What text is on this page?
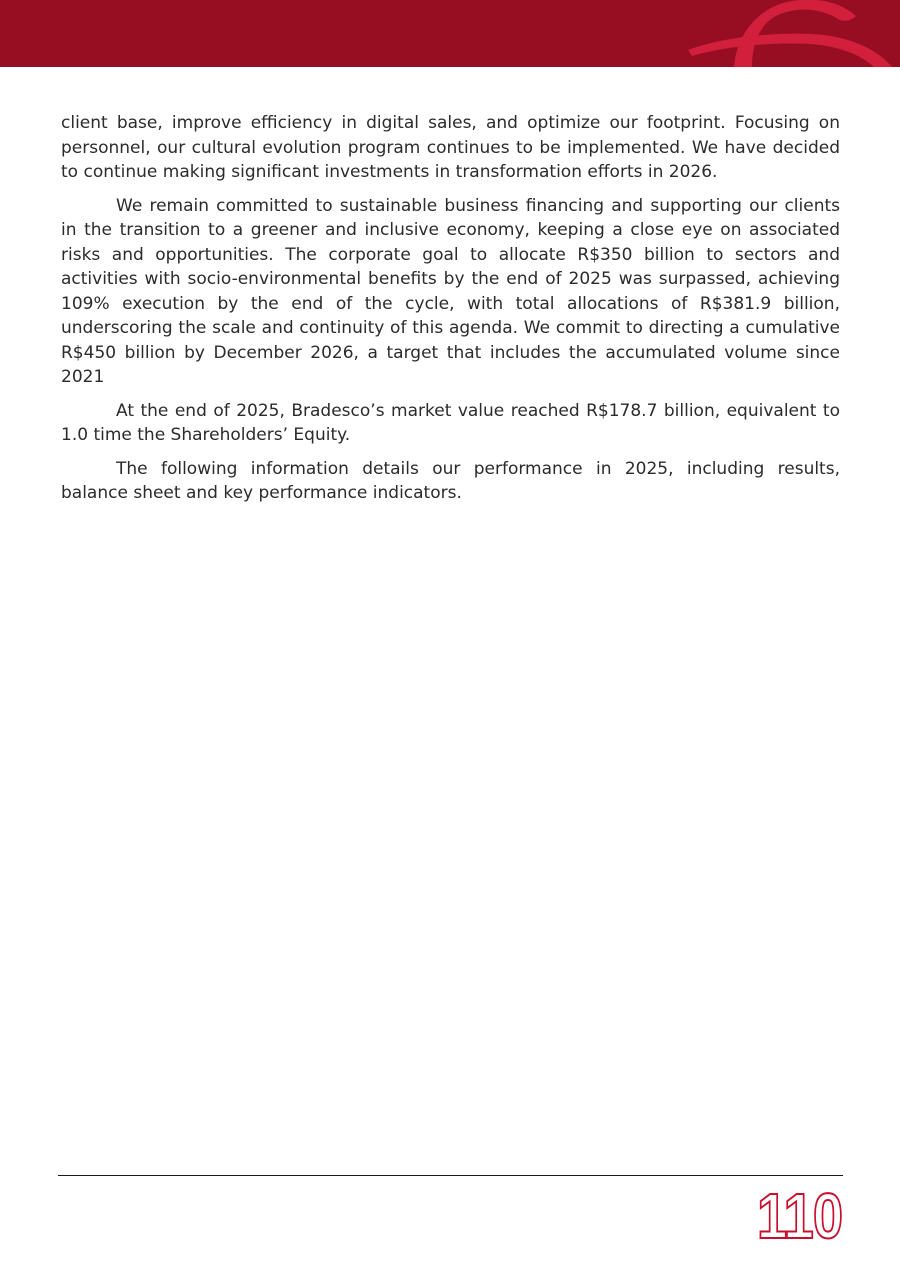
client base, improve efficiency in digital sales, and optimize our footprint. Focusing on personnel, our cultural evolution program continues to be implemented. We have decided to continue making significant investments in transformation efforts in 2026.

We remain committed to sustainable business financing and supporting our clients in the transition to a greener and inclusive economy, keeping a close eye on associated risks and opportunities. The corporate goal to allocate R$350 billion to sectors and activities with socio-environmental benefits by the end of 2025 was surpassed, achieving 109% execution by the end of the cycle, with total allocations of R$381.9 billion, underscoring the scale and continuity of this agenda. We commit to directing a cumulative R$450 billion by December 2026, a target that includes the accumulated volume since 2021

At the end of 2025, Bradesco’s market value reached R$178.7 billion, equivalent to 1.0 time the Shareholders’ Equity.

The following information details our performance in 2025, including results, balance sheet and key performance indicators.

110
